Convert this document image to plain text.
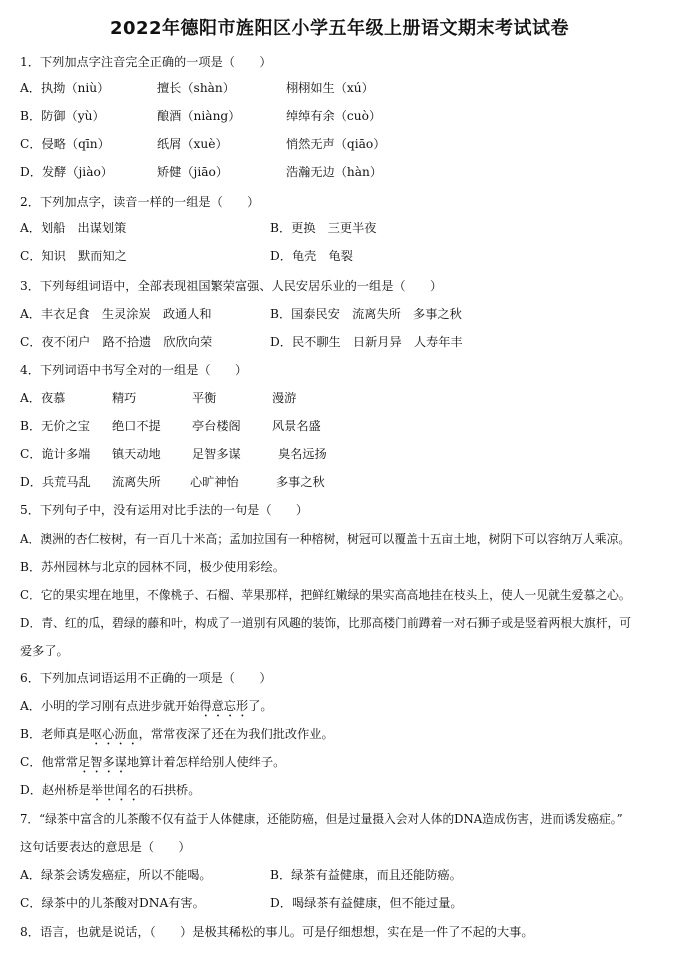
2022年德阳市旌阳区小学五年级上册语文期末考试试卷
1．下列加点字注音完全正确的一项是（　　）
A．执拗（niù）	擅长（shàn）	栩栩如生（xú）
B．防御（yù）	酿酒（niàng）	绰绰有余（cuò）
C．侵略（qīn）	纸屑（xuè）	悄然无声（qiāo）
D．发酵（jiào）	矫健（jiāo）	浩瀚无边（hàn）
2．下列加点字，读音一样的一组是（　　）
A．划船　出谋划策	B．更换　三更半夜
C．知识　默而知之	D．龟壳　龟裂
3．下列每组词语中，全部表现祖国繁荣富强、人民安居乐业的一组是（　　）
A．丰衣足食　生灵涂炭　政通人和	B．国泰民安　流离失所　多事之秋
C．夜不闭户　路不拾遗　欣欣向荣	D．民不聊生　日新月异　人寿年丰
4．下列词语中书写全对的一组是（　　）
A．夜慕	精巧	平衡	漫游
B．无价之宝 绝口不提	亭台楼阁	风景名盛
C．诡计多端 镇天动地	足智多谋	臭名远扬
D．兵荒马乱 流离失所 心旷神怡	多事之秋
5．下列句子中，没有运用对比手法的一句是（　　）
A．澳洲的杏仁桉树，有一百几十米高；孟加拉国有一种榕树，树冠可以覆盖十五亩土地，树阴下可以容纳万人乘凉。
B．苏州园林与北京的园林不同，极少使用彩绘。
C．它的果实埋在地里，不像桃子、石榴、苹果那样，把鲜红嫩绿的果实高高地挂在枝头上，使人一见就生爱慕之心。
D．青、红的瓜，碧绿的藤和叶，构成了一道别有风趣的装饰，比那高楼门前蹲着一对石狮子或是竖着两根大旗杆，可
爱多了。
6．下列加点词语运用不正确的一项是（　　）
A．小明的学习刚有点进步就开始得意忘形了。
B．老师真是呕心沥血，常常夜深了还在为我们批改作业。
C．他常常足智多谋地算计着怎样给别人使绊子。
D．赵州桥是举世闻名的石拱桥。
7．“绿茶中富含的儿茶酸不仅有益于人体健康，还能防癌，但是过量摄入会对人体的DNA造成伤害，进而诱发癌症。”
这句话要表达的意思是（　　）
A．绿茶会诱发癌症，所以不能喝。	B．绿茶有益健康，而且还能防癌。
C．绿茶中的儿茶酸对DNA有害。	D．喝绿茶有益健康，但不能过量。
8．语言，也就是说话，（　　）是极其稀松的事儿。可是仔细想想，实在是一件了不起的大事。
